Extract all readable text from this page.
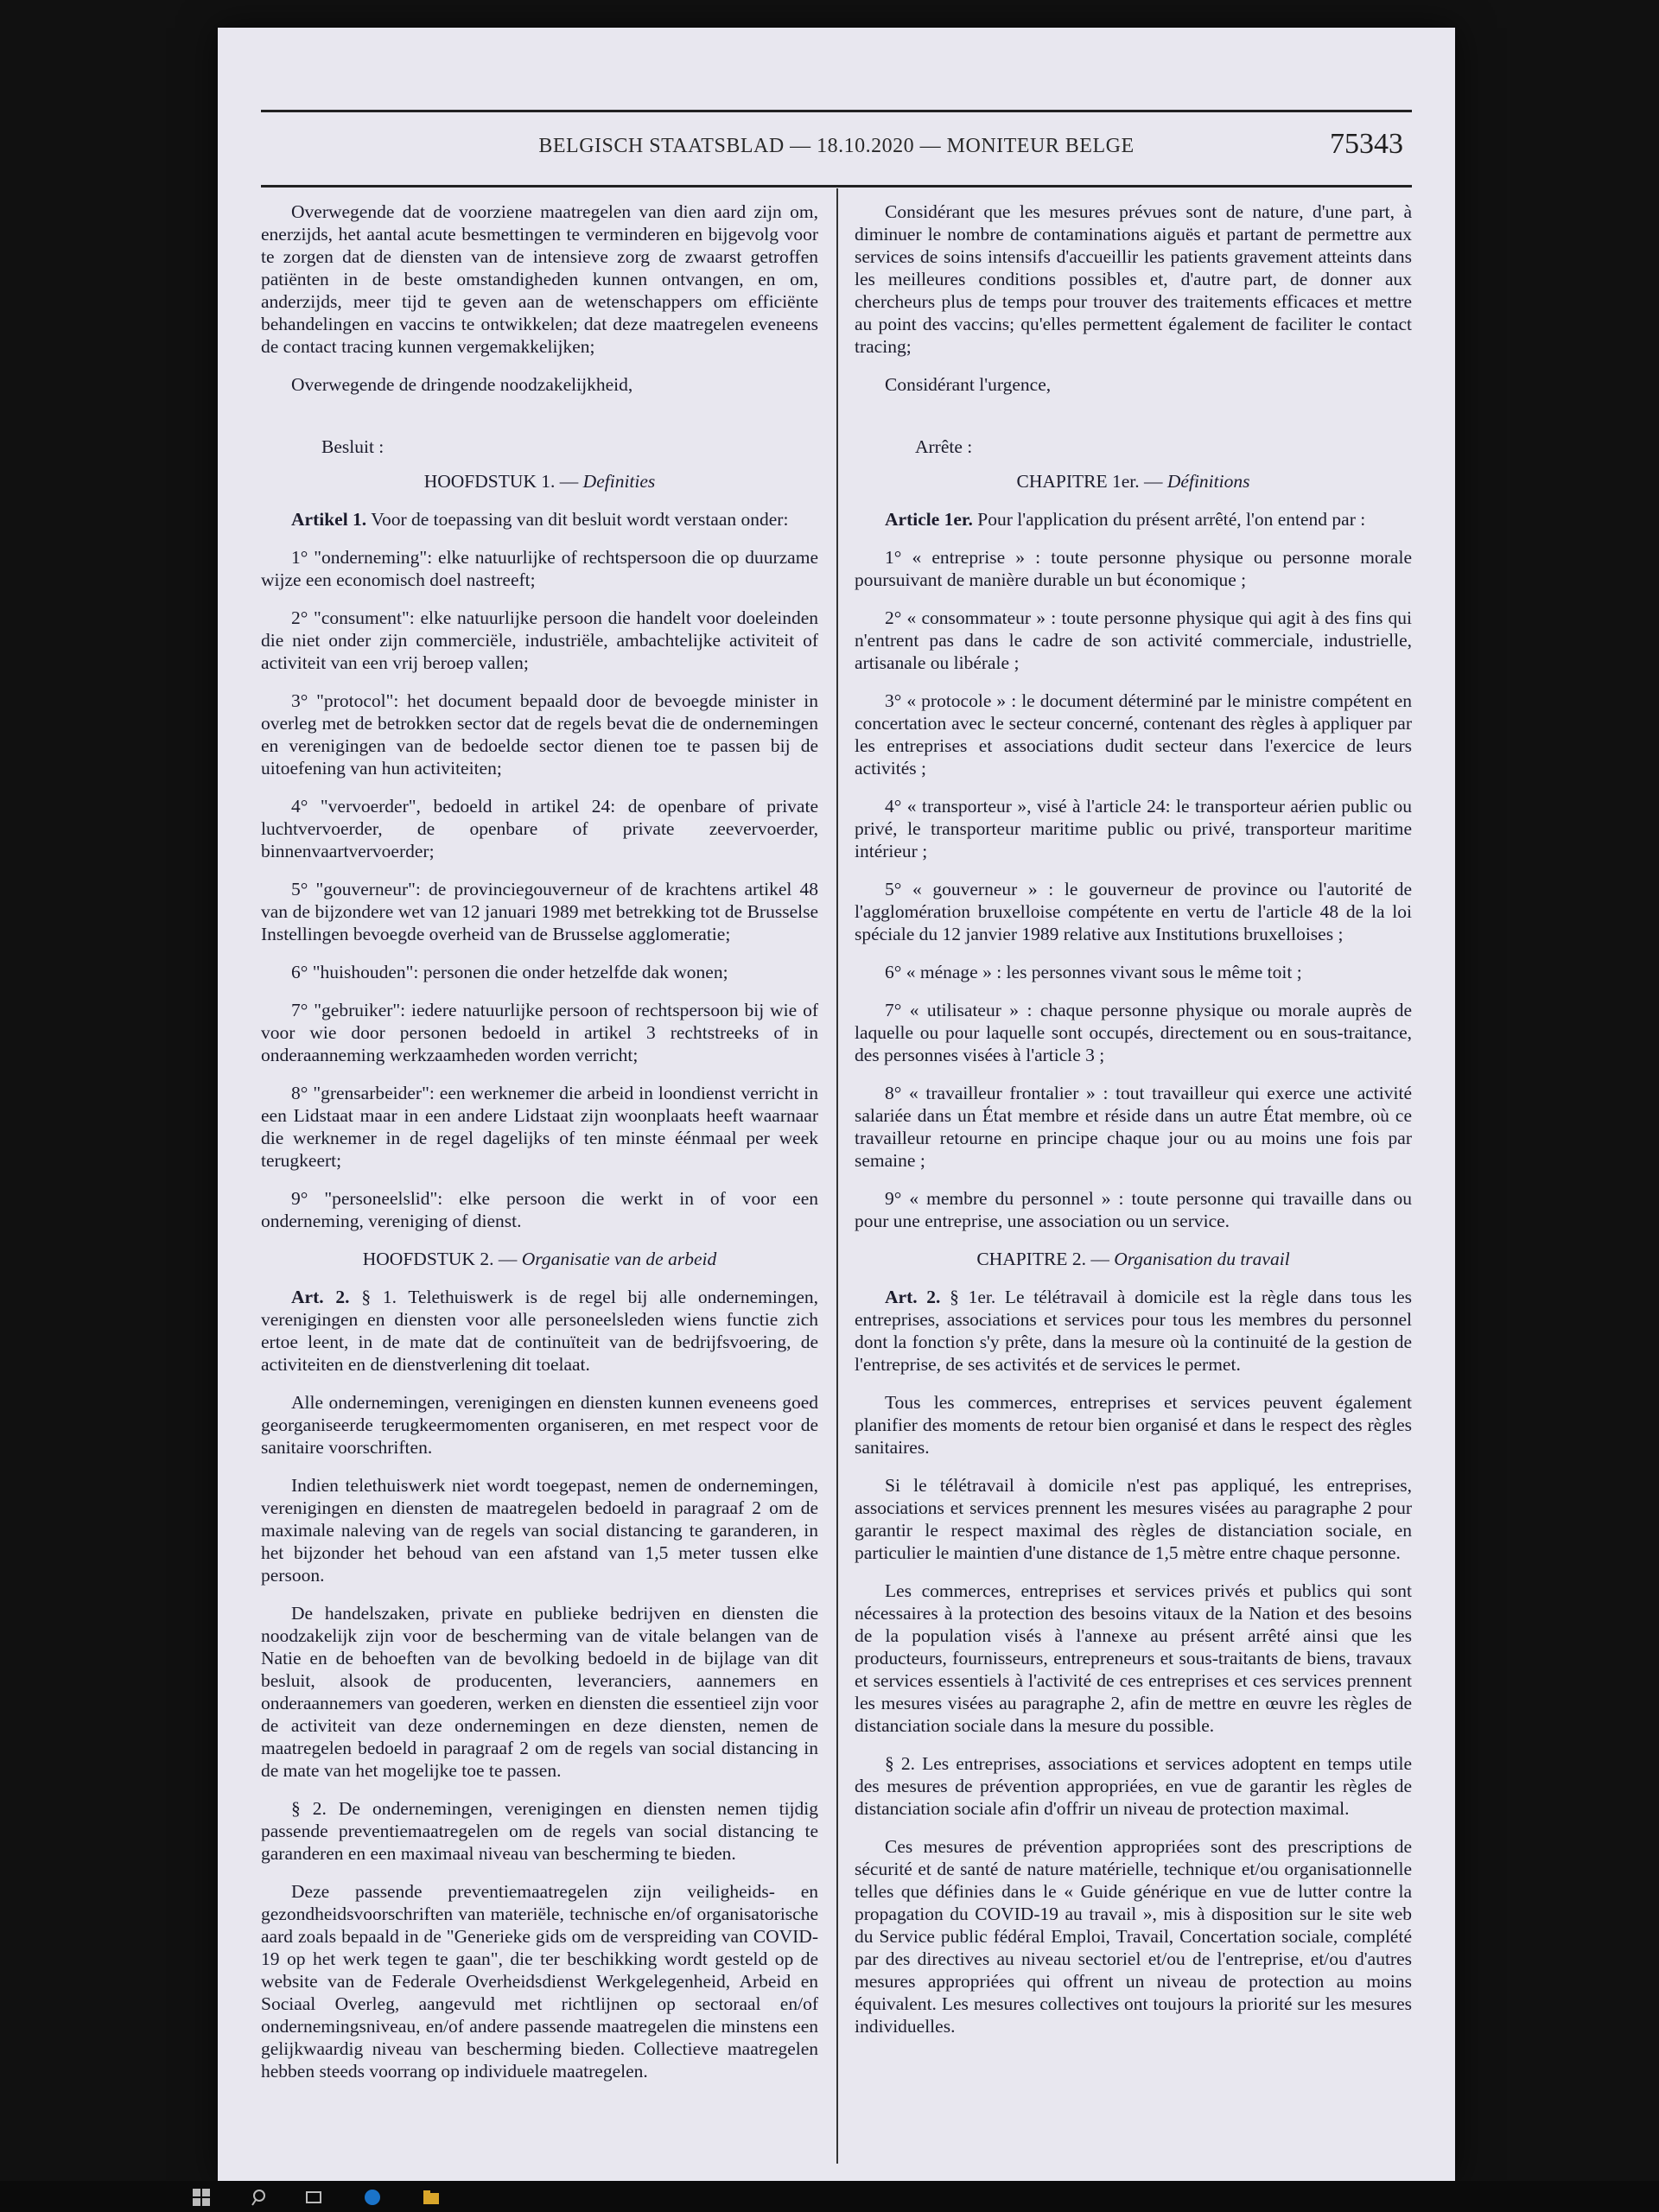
BELGISCH STAATSBLAD — 18.10.2020 — MONITEUR BELGE	75343

Overwegende dat de voorziene maatregelen van dien aard zijn om, enerzijds, het aantal acute besmettingen te verminderen en bijgevolg voor te zorgen dat de diensten van de intensieve zorg de zwaarst getroffen patiënten in de beste omstandigheden kunnen ontvangen, en om, anderzijds, meer tijd te geven aan de wetenschappers om efficiënte behandelingen en vaccins te ontwikkelen; dat deze maatregelen eveneens de contact tracing kunnen vergemakkelijken;

Overwegende de dringende noodzakelijkheid,

Besluit :

HOOFDSTUK 1. — Definities

Artikel 1. Voor de toepassing van dit besluit wordt verstaan onder:

1° "onderneming": elke natuurlijke of rechtspersoon die op duurzame wijze een economisch doel nastreeft;

2° "consument": elke natuurlijke persoon die handelt voor doeleinden die niet onder zijn commerciële, industriële, ambachtelijke activiteit of activiteit van een vrij beroep vallen;

3° "protocol": het document bepaald door de bevoegde minister in overleg met de betrokken sector dat de regels bevat die de ondernemingen en verenigingen van de bedoelde sector dienen toe te passen bij de uitoefening van hun activiteiten;

4° "vervoerder", bedoeld in artikel 24: de openbare of private luchtvervoerder, de openbare of private zeevervoerder, binnenvaartvervoerder;

5° "gouverneur": de provinciegouverneur of de krachtens artikel 48 van de bijzondere wet van 12 januari 1989 met betrekking tot de Brusselse Instellingen bevoegde overheid van de Brusselse agglomeratie;

6° "huishouden": personen die onder hetzelfde dak wonen;

7° "gebruiker": iedere natuurlijke persoon of rechtspersoon bij wie of voor wie door personen bedoeld in artikel 3 rechtstreeks of in onderaanneming werkzaamheden worden verricht;

8° "grensarbeider": een werknemer die arbeid in loondienst verricht in een Lidstaat maar in een andere Lidstaat zijn woonplaats heeft waarnaar die werknemer in de regel dagelijks of ten minste éénmaal per week terugkeert;

9° "personeelslid": elke persoon die werkt in of voor een onderneming, vereniging of dienst.

HOOFDSTUK 2. — Organisatie van de arbeid

Art. 2. § 1. Telethuiswerk is de regel bij alle ondernemingen, verenigingen en diensten voor alle personeelsleden wiens functie zich ertoe leent, in de mate dat de continuïteit van de bedrijfsvoering, de activiteiten en de dienstverlening dit toelaat.

Alle ondernemingen, verenigingen en diensten kunnen eveneens goed georganiseerde terugkeermomenten organiseren, en met respect voor de sanitaire voorschriften.

Indien telethuiswerk niet wordt toegepast, nemen de ondernemingen, verenigingen en diensten de maatregelen bedoeld in paragraaf 2 om de maximale naleving van de regels van social distancing te garanderen, in het bijzonder het behoud van een afstand van 1,5 meter tussen elke persoon.

De handelszaken, private en publieke bedrijven en diensten die noodzakelijk zijn voor de bescherming van de vitale belangen van de Natie en de behoeften van de bevolking bedoeld in de bijlage van dit besluit, alsook de producenten, leveranciers, aannemers en onderaannemers van goederen, werken en diensten die essentieel zijn voor de activiteit van deze ondernemingen en deze diensten, nemen de maatregelen bedoeld in paragraaf 2 om de regels van social distancing in de mate van het mogelijke toe te passen.

§ 2. De ondernemingen, verenigingen en diensten nemen tijdig passende preventiemaatregelen om de regels van social distancing te garanderen en een maximaal niveau van bescherming te bieden.

Deze passende preventiemaatregelen zijn veiligheids- en gezondheidsvoorschriften van materiële, technische en/of organisatorische aard zoals bepaald in de "Generieke gids om de verspreiding van COVID-19 op het werk tegen te gaan", die ter beschikking wordt gesteld op de website van de Federale Overheidsdienst Werkgelegenheid, Arbeid en Sociaal Overleg, aangevuld met richtlijnen op sectoraal en/of ondernemingsniveau, en/of andere passende maatregelen die minstens een gelijkwaardig niveau van bescherming bieden. Collectieve maatregelen hebben steeds voorrang op individuele maatregelen.

Considérant que les mesures prévues sont de nature, d'une part, à diminuer le nombre de contaminations aiguës et partant de permettre aux services de soins intensifs d'accueillir les patients gravement atteints dans les meilleures conditions possibles et, d'autre part, de donner aux chercheurs plus de temps pour trouver des traitements efficaces et mettre au point des vaccins; qu'elles permettent également de faciliter le contact tracing;

Considérant l'urgence,

Arrête :

CHAPITRE 1er. — Définitions

Article 1er. Pour l'application du présent arrêté, l'on entend par :

1° « entreprise » : toute personne physique ou personne morale poursuivant de manière durable un but économique ;

2° « consommateur » : toute personne physique qui agit à des fins qui n'entrent pas dans le cadre de son activité commerciale, industrielle, artisanale ou libérale ;

3° « protocole » : le document déterminé par le ministre compétent en concertation avec le secteur concerné, contenant des règles à appliquer par les entreprises et associations dudit secteur dans l'exercice de leurs activités ;

4° « transporteur », visé à l'article 24: le transporteur aérien public ou privé, le transporteur maritime public ou privé, transporteur maritime intérieur ;

5° « gouverneur » : le gouverneur de province ou l'autorité de l'agglomération bruxelloise compétente en vertu de l'article 48 de la loi spéciale du 12 janvier 1989 relative aux Institutions bruxelloises ;

6° « ménage » : les personnes vivant sous le même toit ;

7° « utilisateur » : chaque personne physique ou morale auprès de laquelle ou pour laquelle sont occupés, directement ou en sous-traitance, des personnes visées à l'article 3 ;

8° « travailleur frontalier » : tout travailleur qui exerce une activité salariée dans un État membre et réside dans un autre État membre, où ce travailleur retourne en principe chaque jour ou au moins une fois par semaine ;

9° « membre du personnel » : toute personne qui travaille dans ou pour une entreprise, une association ou un service.

CHAPITRE 2. — Organisation du travail

Art. 2. § 1er. Le télétravail à domicile est la règle dans tous les entreprises, associations et services pour tous les membres du personnel dont la fonction s'y prête, dans la mesure où la continuité de la gestion de l'entreprise, de ses activités et de services le permet.

Tous les commerces, entreprises et services peuvent également planifier des moments de retour bien organisé et dans le respect des règles sanitaires.

Si le télétravail à domicile n'est pas appliqué, les entreprises, associations et services prennent les mesures visées au paragraphe 2 pour garantir le respect maximal des règles de distanciation sociale, en particulier le maintien d'une distance de 1,5 mètre entre chaque personne.

Les commerces, entreprises et services privés et publics qui sont nécessaires à la protection des besoins vitaux de la Nation et des besoins de la population visés à l'annexe au présent arrêté ainsi que les producteurs, fournisseurs, entrepreneurs et sous-traitants de biens, travaux et services essentiels à l'activité de ces entreprises et ces services prennent les mesures visées au paragraphe 2, afin de mettre en œuvre les règles de distanciation sociale dans la mesure du possible.

§ 2. Les entreprises, associations et services adoptent en temps utile des mesures de prévention appropriées, en vue de garantir les règles de distanciation sociale afin d'offrir un niveau de protection maximal.

Ces mesures de prévention appropriées sont des prescriptions de sécurité et de santé de nature matérielle, technique et/ou organisationnelle telles que définies dans le « Guide générique en vue de lutter contre la propagation du COVID-19 au travail », mis à disposition sur le site web du Service public fédéral Emploi, Travail, Concertation sociale, complété par des directives au niveau sectoriel et/ou de l'entreprise, et/ou d'autres mesures appropriées qui offrent un niveau de protection au moins équivalent. Les mesures collectives ont toujours la priorité sur les mesures individuelles.
